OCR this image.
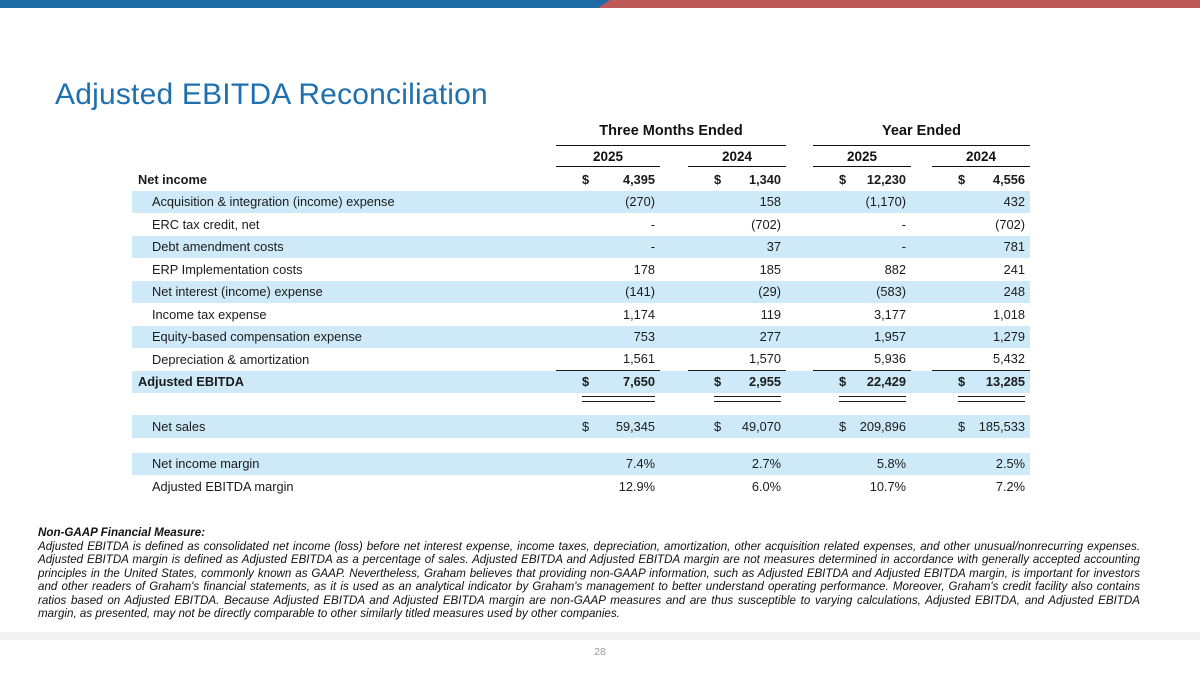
Adjusted EBITDA Reconciliation
Three Months Ended	Year Ended
2025	2024	2025	2024
Net income	$	4,395	$ 1,340	$ 12,230	$ 4,556
Acquisition & integration (income) expense	(270)	158	(1,170)	432
ERC tax credit, net	-	(702)	-	(702)
Debt amendment costs	-	37	-	781
ERP Implementation costs	178	185	882	241
Net interest (income) expense	(141)	(29)	(583)	248
Income tax expense	1,174	119	3,177	1,018
Equity-based compensation expense	753	277	1,957	1,279
Depreciation & amortization	1,561	1,570	5,936	5,432
Adjusted EBITDA	$	7,650	$ 2,955	$ 22,429	$ 13,285
Net sales	$ 59,345	$ 49,070	$ 209,896	$ 185,533
Net income margin	7.4%	2.7%	5.8%	2.5%
Adjusted EBITDA margin	12.9%	6.0%	10.7%	7.2%
Non-GAAP Financial Measure:
Adjusted EBITDA is defined as consolidated net income (loss) before net interest expense, income taxes, depreciation, amortization, other acquisition related expenses, and other unusual/nonrecurring expenses. Adjusted EBITDA margin is defined as Adjusted EBITDA as a percentage of sales. Adjusted EBITDA and Adjusted EBITDA margin are not measures determined in accordance with generally accepted accounting principles in the United States, commonly known as GAAP. Nevertheless, Graham believes that providing non-GAAP information, such as Adjusted EBITDA and Adjusted EBITDA margin, is important for investors and other readers of Graham's financial statements, as it is used as an analytical indicator by Graham's management to better understand operating performance. Moreover, Graham's credit facility also contains ratios based on Adjusted EBITDA. Because Adjusted EBITDA and Adjusted EBITDA margin are non-GAAP measures and are thus susceptible to varying calculations, Adjusted EBITDA, and Adjusted EBITDA margin, as presented, may not be directly comparable to other similarly titled measures used by other companies.
28
